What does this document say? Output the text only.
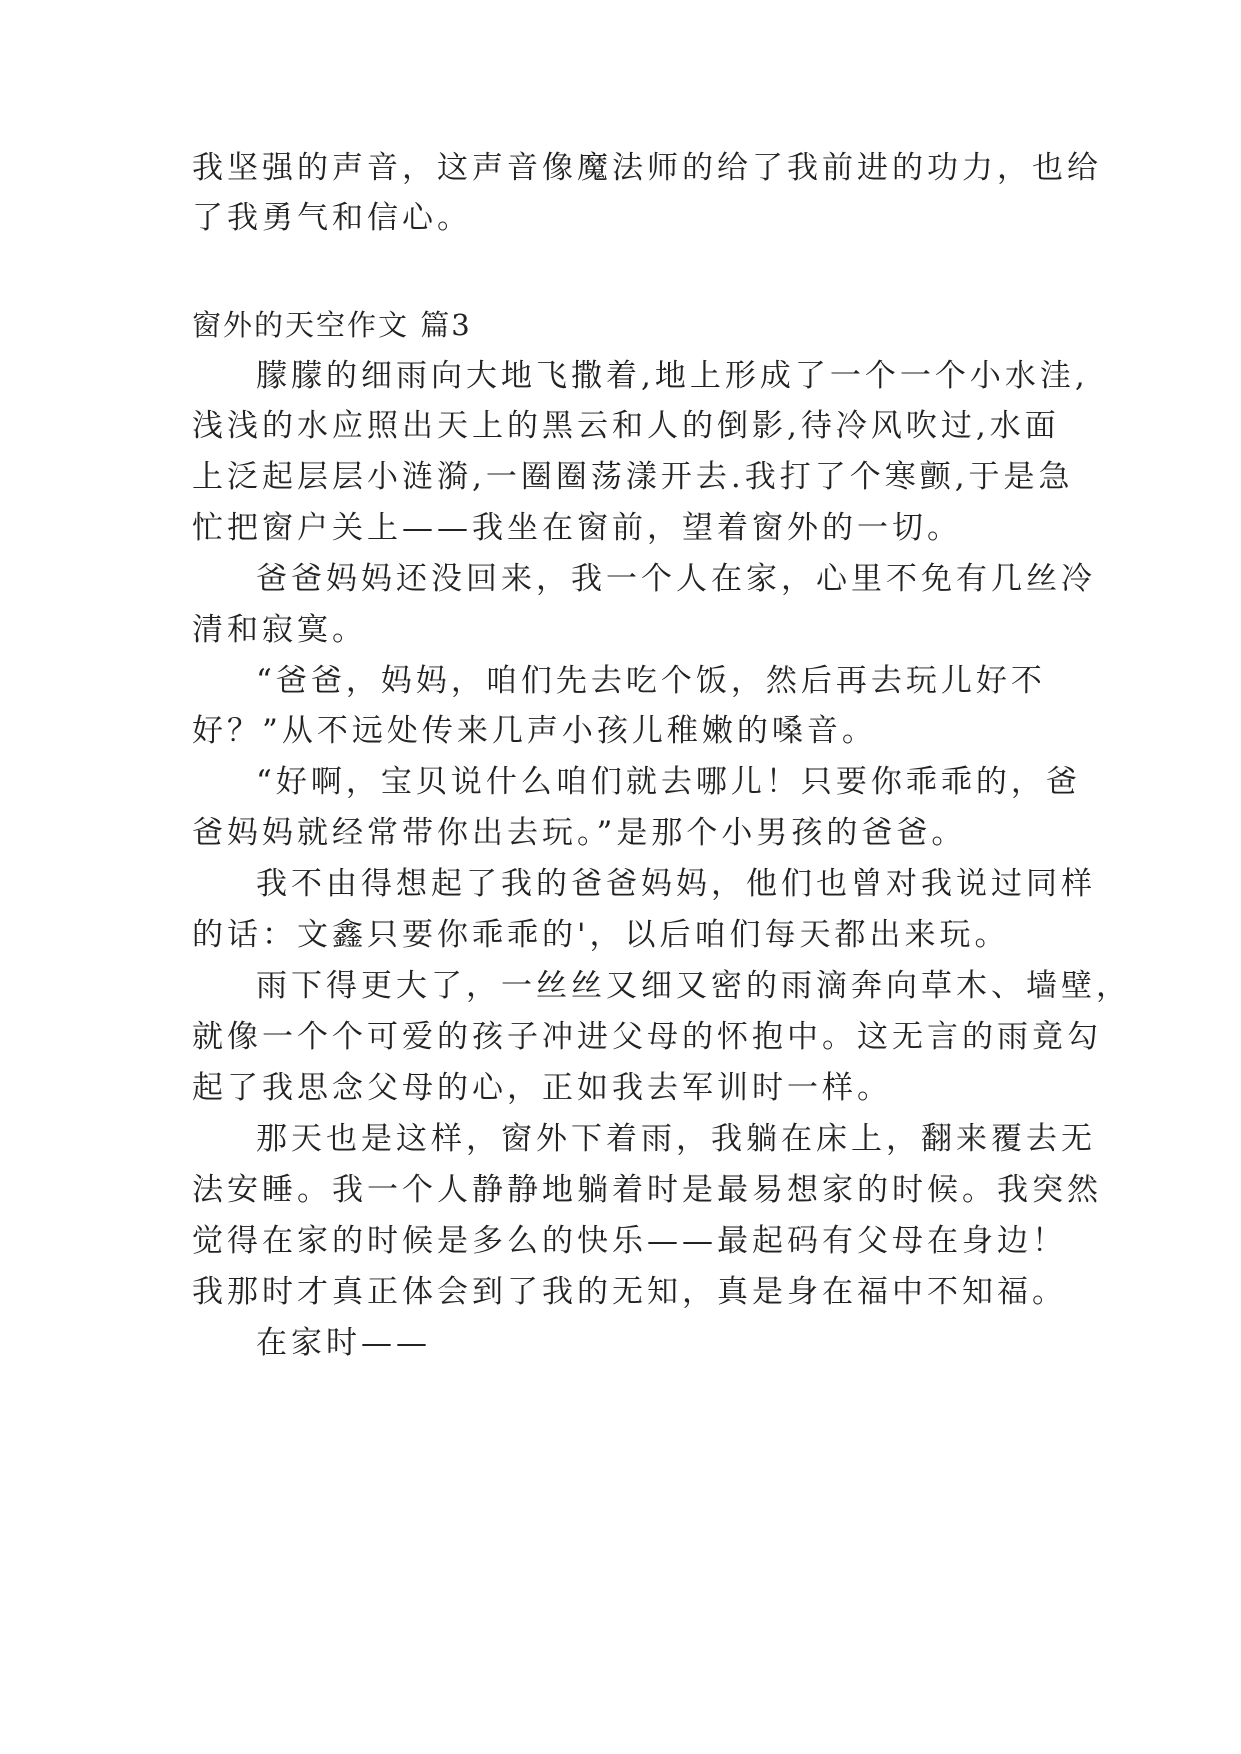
我坚强的声音，这声音像魔法师的给了我前进的功力，也给
了我勇气和信心。
窗外的天空作文 篇3
朦朦的细雨向大地飞撒着,地上形成了一个一个小水洼,
浅浅的水应照出天上的黑云和人的倒影,待冷风吹过,水面
上泛起层层小涟漪,一圈圈荡漾开去.我打了个寒颤,于是急
忙把窗户关上——我坐在窗前，望着窗外的一切。
爸爸妈妈还没回来，我一个人在家，心里不免有几丝冷
清和寂寞。
“爸爸，妈妈，咱们先去吃个饭，然后再去玩儿好不
好？”从不远处传来几声小孩儿稚嫩的嗓音。
“好啊，宝贝说什么咱们就去哪儿！只要你乖乖的，爸
爸妈妈就经常带你出去玩。”是那个小男孩的爸爸。
我不由得想起了我的爸爸妈妈，他们也曾对我说过同样
的话：文鑫只要你乖乖的'，以后咱们每天都出来玩。
雨下得更大了，一丝丝又细又密的雨滴奔向草木、墙壁，
就像一个个可爱的孩子冲进父母的怀抱中。这无言的雨竟勾
起了我思念父母的心，正如我去军训时一样。
那天也是这样，窗外下着雨，我躺在床上，翻来覆去无
法安睡。我一个人静静地躺着时是最易想家的时候。我突然
觉得在家的时候是多么的快乐——最起码有父母在身边！
我那时才真正体会到了我的无知，真是身在福中不知福。
在家时——
